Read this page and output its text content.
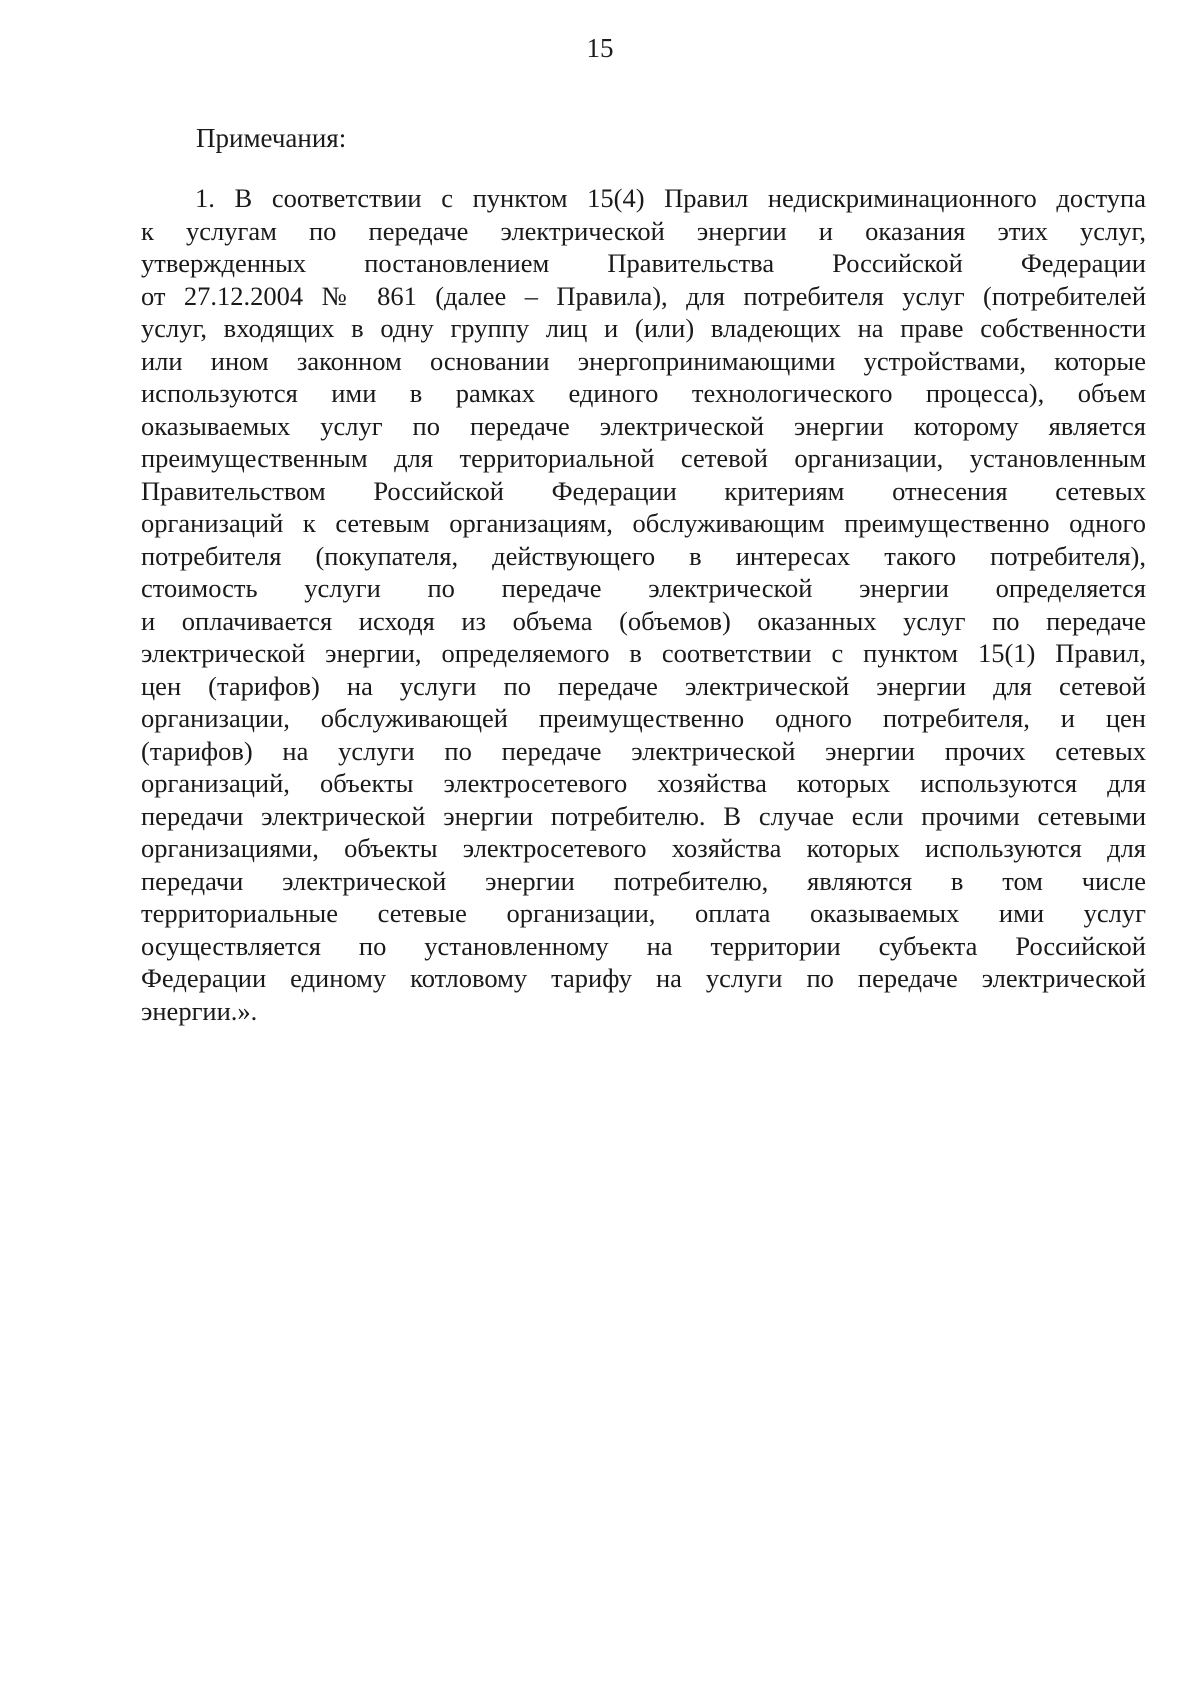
15
Примечания:
1. В соответствии с пунктом 15(4) Правил недискриминационного доступа
к услугам по передаче электрической энергии и оказания этих услуг,
утвержденных постановлением Правительства Российской Федерации
от 27.12.2004 № 861 (далее – Правила), для потребителя услуг (потребителей
услуг, входящих в одну группу лиц и (или) владеющих на праве собственности
или ином законном основании энергопринимающими устройствами, которые
используются ими в рамках единого технологического процесса), объем
оказываемых услуг по передаче электрической энергии которому является
преимущественным для территориальной сетевой организации, установленным
Правительством Российской Федерации критериям отнесения сетевых
организаций к сетевым организациям, обслуживающим преимущественно одного
потребителя (покупателя, действующего в интересах такого потребителя),
стоимость услуги по передаче электрической энергии определяется
и оплачивается исходя из объема (объемов) оказанных услуг по передаче
электрической энергии, определяемого в соответствии с пунктом 15(1) Правил,
цен (тарифов) на услуги по передаче электрической энергии для сетевой
организации, обслуживающей преимущественно одного потребителя, и цен
(тарифов) на услуги по передаче электрической энергии прочих сетевых
организаций, объекты электросетевого хозяйства которых используются для
передачи электрической энергии потребителю. В случае если прочими сетевыми
организациями, объекты электросетевого хозяйства которых используются для
передачи электрической энергии потребителю, являются в том числе
территориальные сетевые организации, оплата оказываемых ими услуг
осуществляется по установленному на территории субъекта Российской
Федерации единому котловому тарифу на услуги по передаче электрической
энергии.».
